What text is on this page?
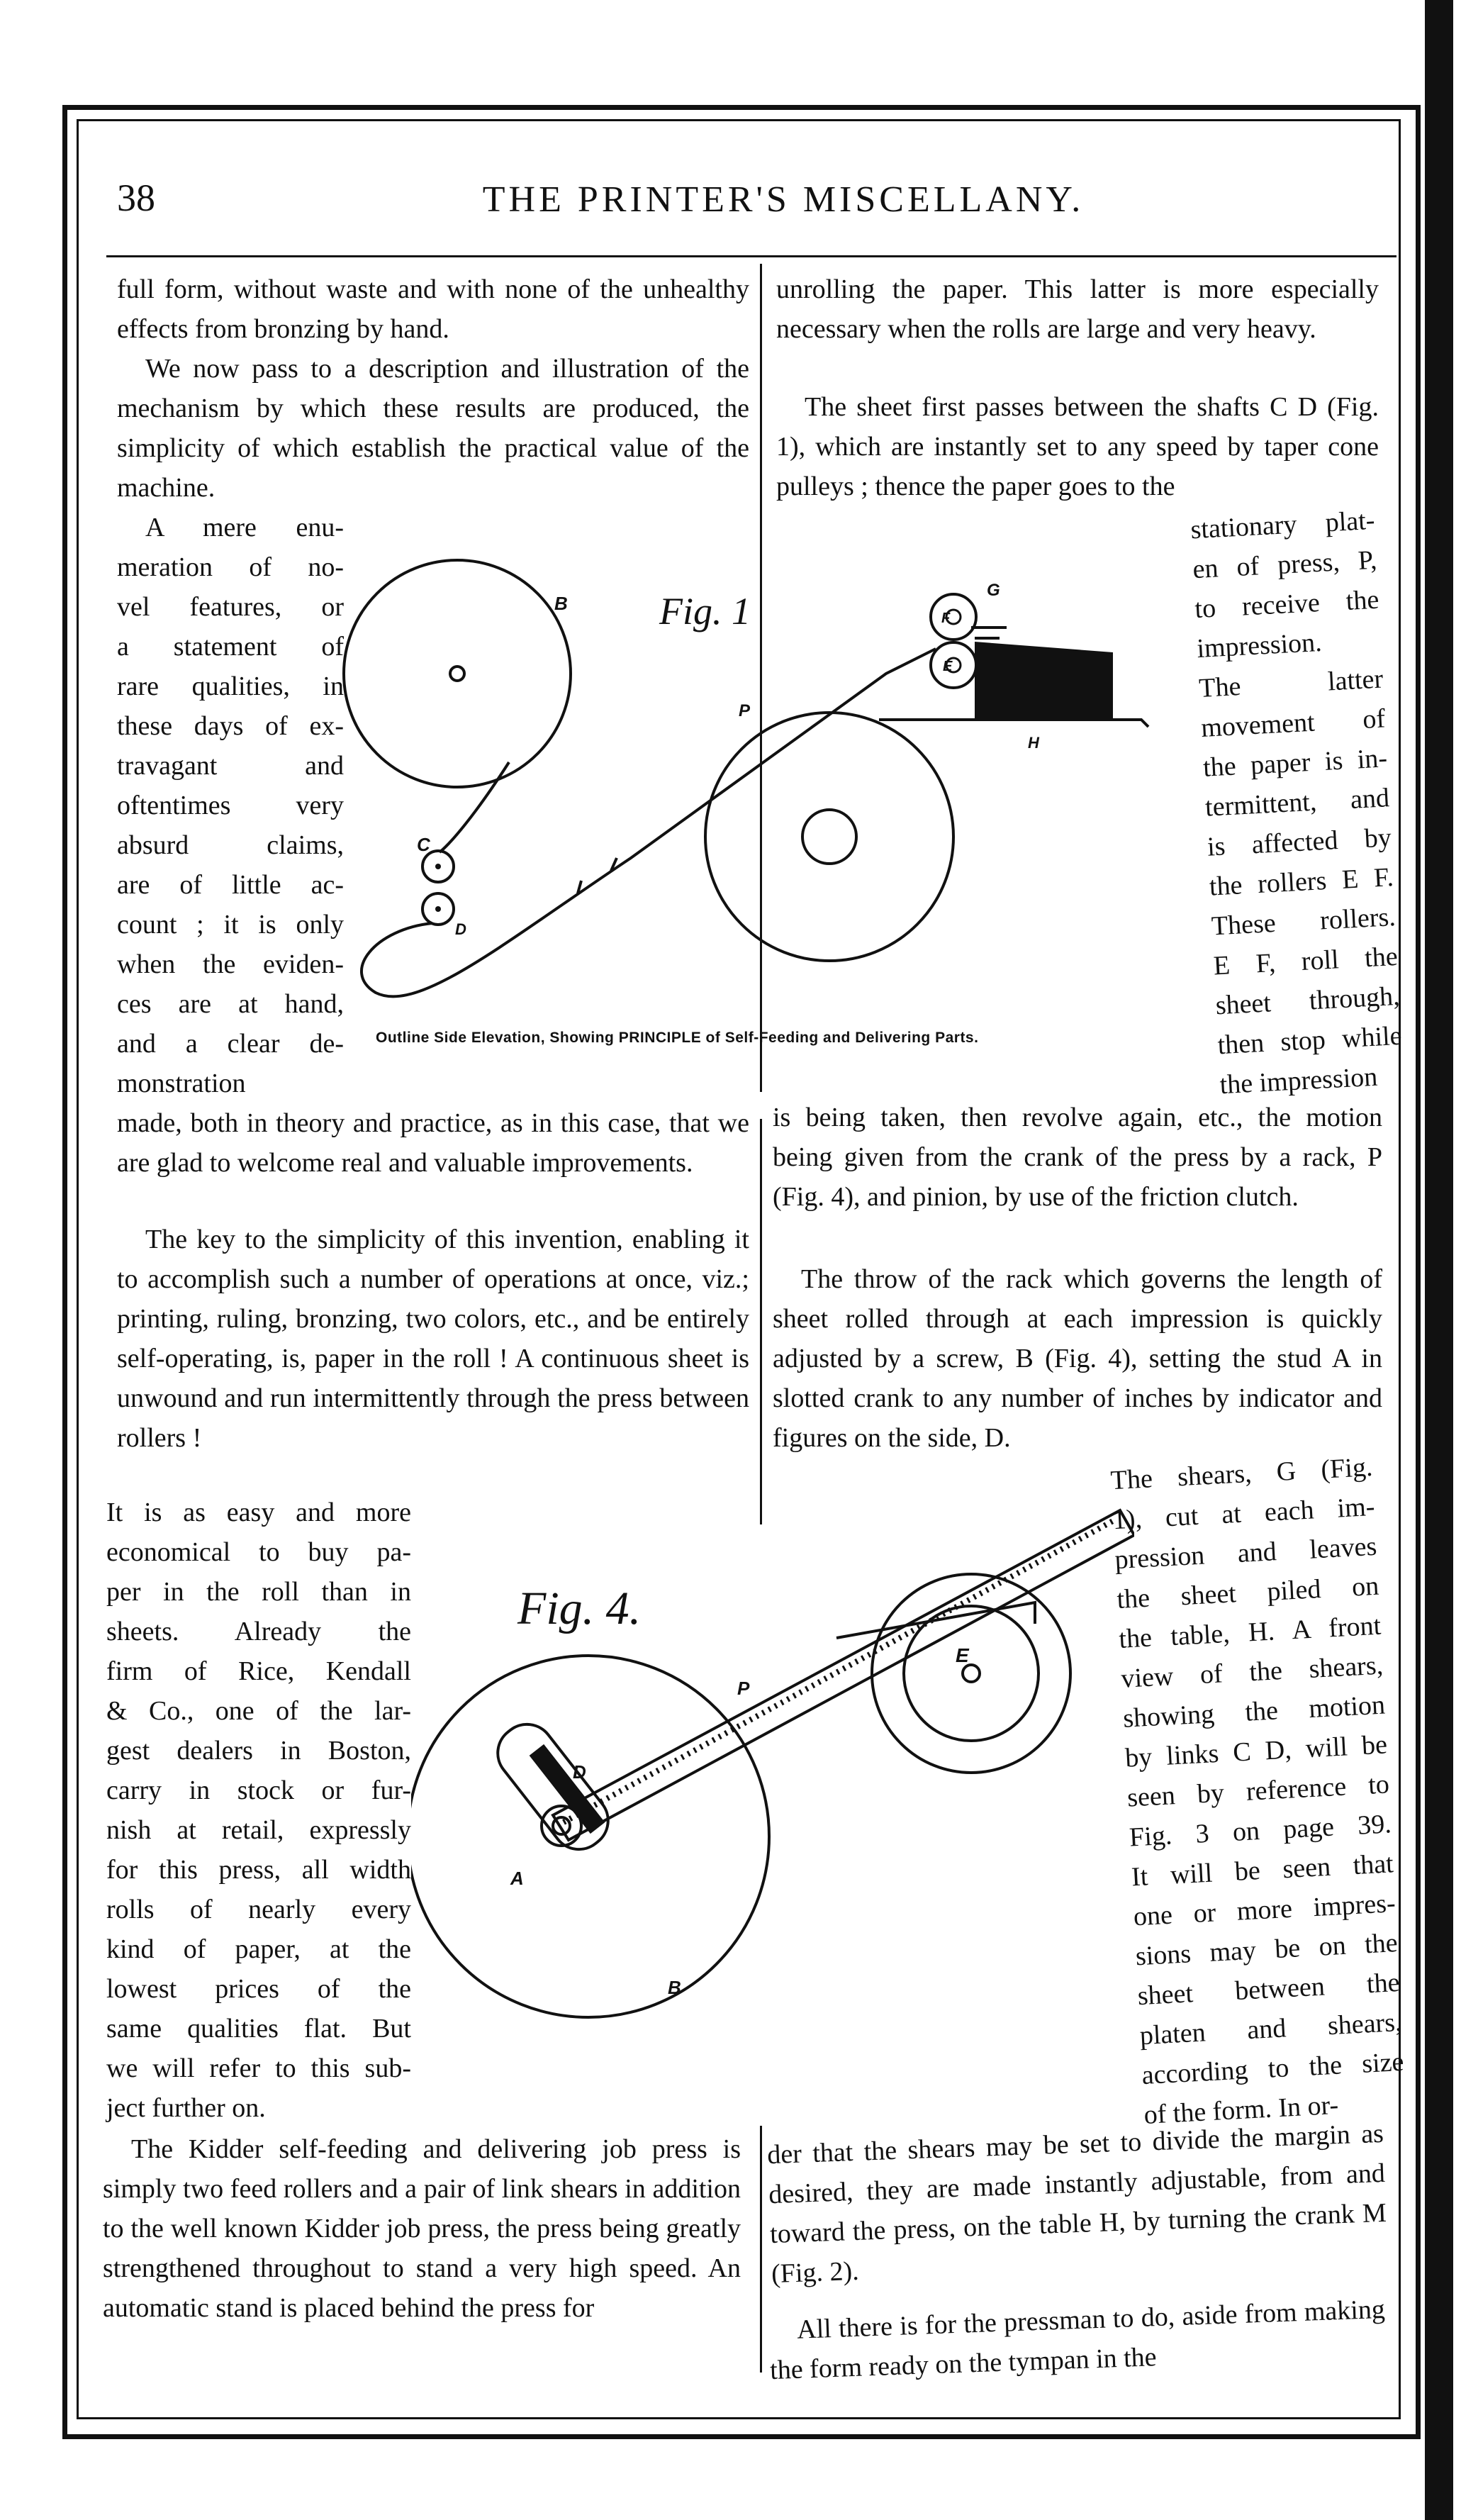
38	THE PRINTER'S MISCELLANY.

full form, without waste and with none of the unhealthy effects from bronzing by hand.

We now pass to a description and illustration of the mechanism by which these results are produced, the simplicity of which establish the practical value of the machine.

A mere enu-
meration of no-
vel features, or
a statement of
rare qualities, in
these days of ex-
travagant and
oftentimes very
absurd claims,
are of little ac-
count ; it is only
when the eviden-
ces are at hand,
and a clear de-
monstration

made, both in theory and practice, as in this case, that we are glad to welcome real and valuable improvements.

The key to the simplicity of this invention, enabling it to accomplish such a number of operations at once, viz.; printing, ruling, bronzing, two colors, etc., and be entirely self-operating, is, paper in the roll ! A continuous sheet is unwound and run intermittently through the press between rollers !

It is as easy and more
economical to buy pa-
per in the roll than in
sheets. Already the
firm of Rice, Kendall
& Co., one of the lar-
gest dealers in Boston,
carry in stock or fur-
nish at retail, expressly
for this press, all width
rolls of nearly every
kind of paper, at the
lowest prices of the
same qualities flat. But
we will refer to this sub-
ject further on.

The Kidder self-feeding and delivering job press is simply two feed rollers and a pair of link shears in addition to the well known Kidder job press, the press being greatly strengthened throughout to stand a very high speed. An automatic stand is placed behind the press for

unrolling the paper. This latter is more especially necessary when the rolls are large and very heavy.

The sheet first passes between the shafts C D (Fig. 1), which are instantly set to any speed by taper cone pulleys ; thence the paper goes to the

stationary plat-
en of press, P,
to receive the
impression.
The latter
movement of
the paper is in-
termittent, and
is affected by
the rollers E F.
These rollers.
E F, roll the
sheet through,
then stop while
the impression

is being taken, then revolve again, etc., the motion being given from the crank of the press by a rack, P (Fig. 4), and pinion, by use of the friction clutch.

The throw of the rack which governs the length of sheet rolled through at each impression is quickly adjusted by a screw, B (Fig. 4), setting the stud A in slotted crank to any number of inches by indicator and figures on the side, D.

The shears, G (Fig.
1), cut at each im-
pression and leaves
the sheet piled on
the table, H. A front
view of the shears,
showing the motion
by links C D, will be
seen by reference to
Fig. 3 on page 39.
It will be seen that
one or more impres-
sions may be on the
sheet between the
platen and shears,
according to the size
of the form. In or-

der that the shears may be set to divide the margin as desired, they are made instantly adjustable, from and toward the press, on the table H, by turning the crank M (Fig. 2).

All there is for the pressman to do, aside from making the form ready on the tympan in the

Fig. 1
B
C
D
P
E
F
G
H
Outline Side Elevation, Showing PRINCIPLE of Self-Feeding and Delivering Parts.
Fig. 4.
P
E
D
A
B
